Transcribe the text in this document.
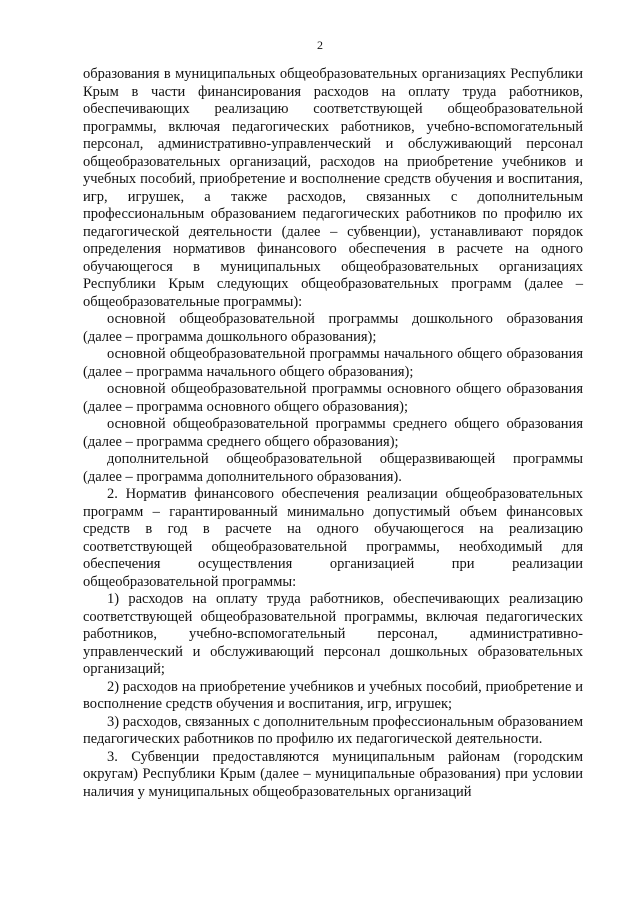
2

образования в муниципальных общеобразовательных организациях Республики Крым в части финансирования расходов на оплату труда работников, обеспечивающих реализацию соответствующей общеобразовательной программы, включая педагогических работников, учебно-вспомогательный персонал, административно-управленческий и обслуживающий персонал общеобразовательных организаций, расходов на приобретение учебников и учебных пособий, приобретение и восполнение средств обучения и воспитания, игр, игрушек, а также расходов, связанных с дополнительным профессиональным образованием педагогических работников по профилю их педагогической деятельности (далее – субвенции), устанавливают порядок определения нормативов финансового обеспечения в расчете на одного обучающегося в муниципальных общеобразовательных организациях Республики Крым следующих общеобразовательных программ (далее – общеобразовательные программы):

основной общеобразовательной программы дошкольного образования (далее – программа дошкольного образования);

основной общеобразовательной программы начального общего образования (далее – программа начального общего образования);

основной общеобразовательной программы основного общего образования (далее – программа основного общего образования);

основной общеобразовательной программы среднего общего образования (далее – программа среднего общего образования);

дополнительной общеобразовательной общеразвивающей программы (далее – программа дополнительного образования).

2. Норматив финансового обеспечения реализации общеобразовательных программ – гарантированный минимально допустимый объем финансовых средств в год в расчете на одного обучающегося на реализацию соответствующей общеобразовательной программы, необходимый для обеспечения осуществления организацией при реализации общеобразовательной программы:

1) расходов на оплату труда работников, обеспечивающих реализацию соответствующей общеобразовательной программы, включая педагогических работников, учебно-вспомогательный персонал, административно-управленческий и обслуживающий персонал дошкольных образовательных организаций;

2) расходов на приобретение учебников и учебных пособий, приобретение и восполнение средств обучения и воспитания, игр, игрушек;

3) расходов, связанных с дополнительным профессиональным образованием педагогических работников по профилю их педагогической деятельности.

3. Субвенции предоставляются муниципальным районам (городским округам) Республики Крым (далее – муниципальные образования) при условии наличия у муниципальных общеобразовательных организаций
